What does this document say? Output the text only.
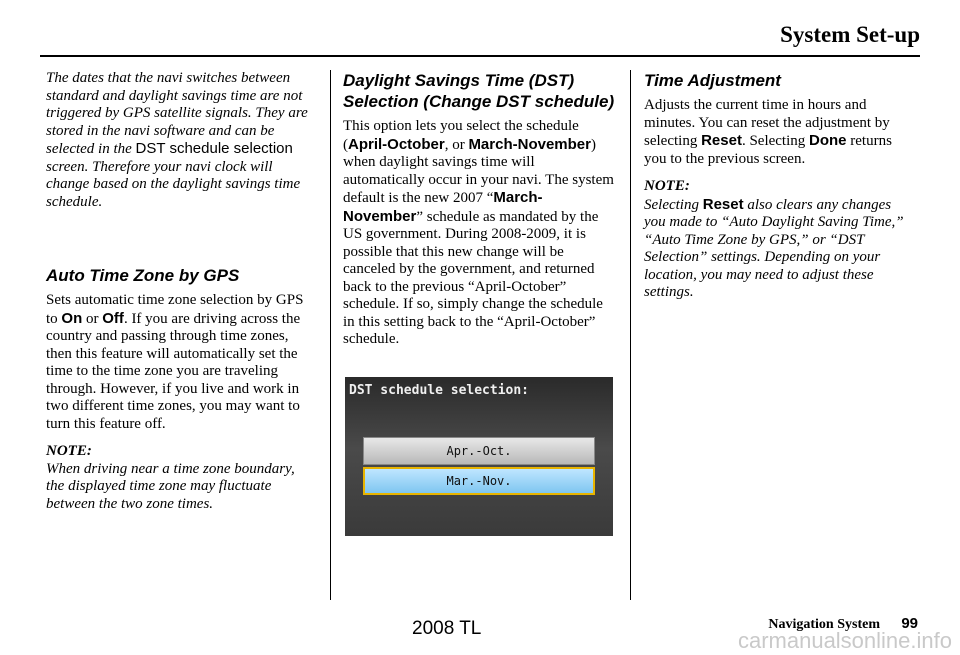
System Set-up

The dates that the navi switches between standard and daylight savings time are not triggered by GPS satellite signals. They are stored in the navi software and can be selected in the DST schedule selection screen. Therefore your navi clock will change based on the daylight savings time schedule.

Auto Time Zone by GPS

Sets automatic time zone selection by GPS to On or Off. If you are driving across the country and passing through time zones, then this feature will automatically set the time to the time zone you are traveling through. However, if you live and work in two different time zones, you may want to turn this feature off.

NOTE:

When driving near a time zone boundary, the displayed time zone may fluctuate between the two zone times.

Daylight Savings Time (DST) Selection (Change DST schedule)

This option lets you select the schedule (April-October, or March-November) when daylight savings time will automatically occur in your navi. The system default is the new 2007 “March-November” schedule as mandated by the US government. During 2008-2009, it is possible that this new change will be canceled by the government, and returned back to the previous “April-October” schedule. If so, simply change the schedule in this setting back to the “April-October” schedule.

DST schedule selection:
Apr.-Oct.
Mar.-Nov.
Time Adjustment

Adjusts the current time in hours and minutes. You can reset the adjustment by selecting Reset. Selecting Done returns you to the previous screen.

NOTE:

Selecting Reset also clears any changes you made to “Auto Daylight Saving Time,” “Auto Time Zone by GPS,” or “DST Selection” settings. Depending on your location, you may need to adjust these settings.

Navigation System 99
2008 TL	carmanualsonline.info
